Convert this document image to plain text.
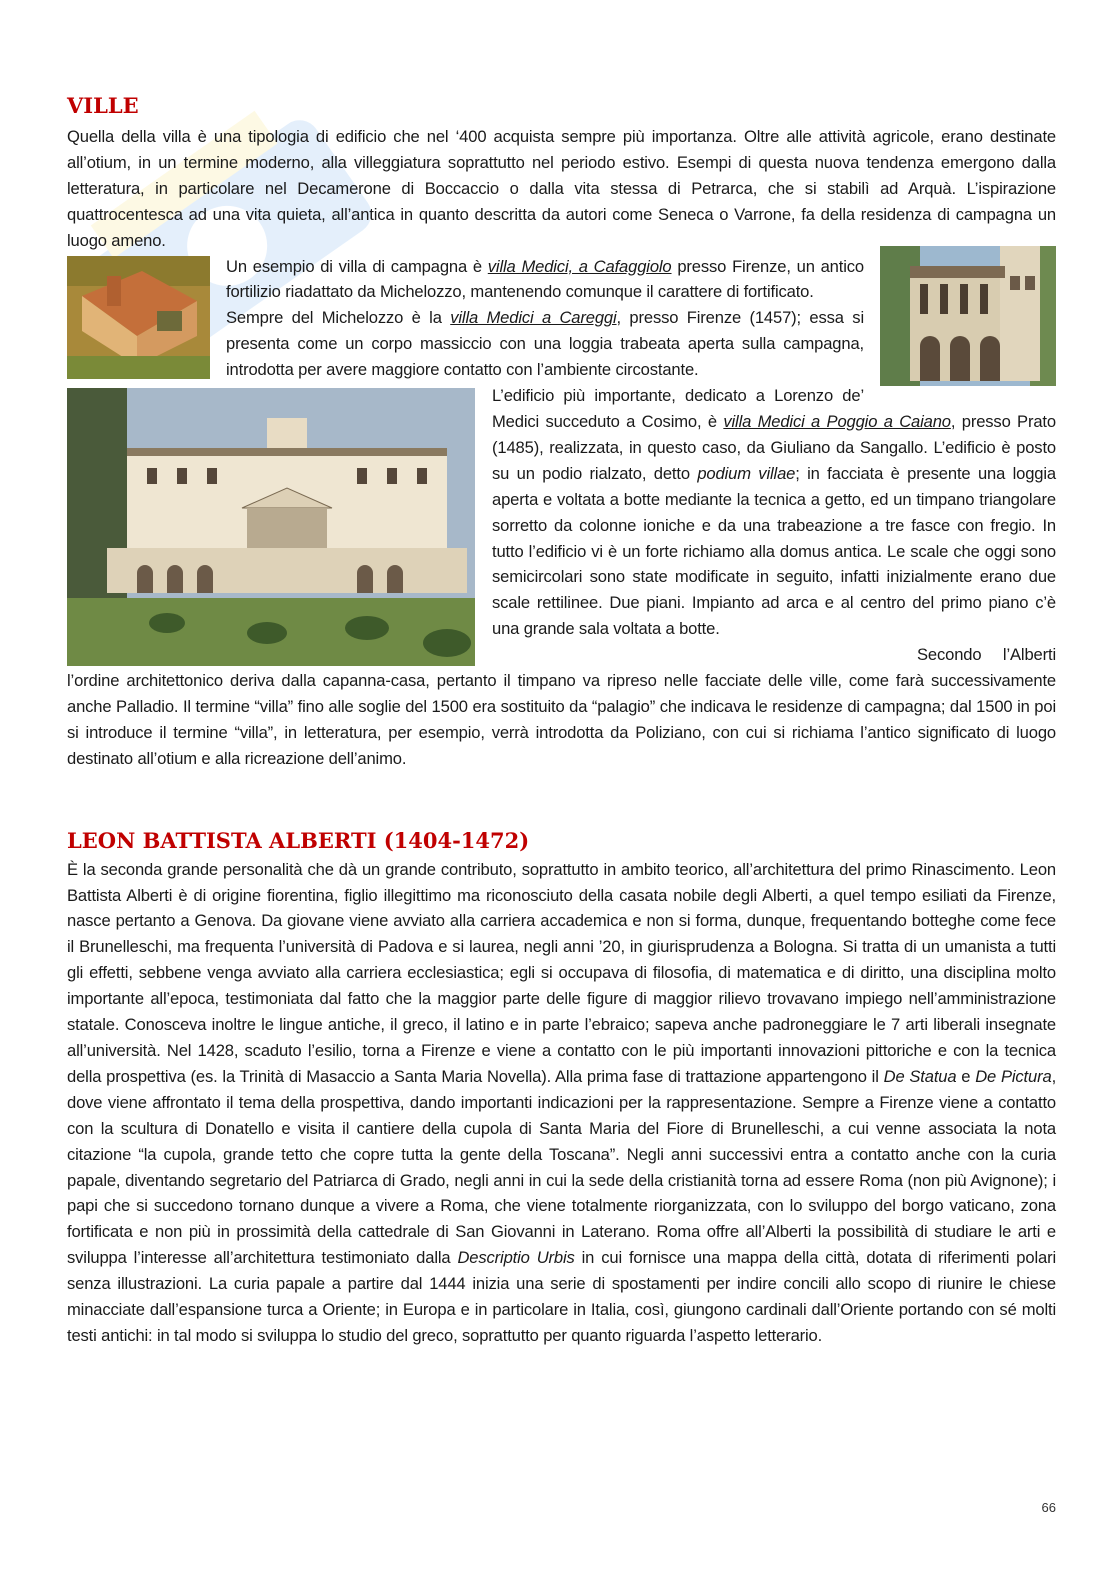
VILLE

Quella della villa è una tipologia di edificio che nel ‘400 acquista sempre più importanza. Oltre alle attività agricole, erano destinate all’otium, in un termine moderno, alla villeggiatura soprattutto nel periodo estivo. Esempi di questa nuova tendenza emergono dalla letteratura, in particolare nel Decamerone di Boccaccio o dalla vita stessa di Petrarca, che si stabilì ad Arquà. L’ispirazione quattrocentesca ad una vita quieta, all’antica in quanto descritta da autori come Seneca o Varrone, fa della residenza di campagna un luogo ameno.

Un esempio di villa di campagna è villa Medici, a Cafaggiolo presso Firenze, un antico fortilizio riadattato da Michelozzo, mantenendo comunque il carattere di fortificato.

Sempre del Michelozzo è la villa Medici a Careggi, presso Firenze (1457); essa si presenta come un corpo massiccio con una loggia trabeata aperta sulla campagna, introdotta per avere maggiore contatto con l’ambiente circostante.

L’edificio più importante, dedicato a Lorenzo de’ Medici succeduto a Cosimo, è villa Medici a Poggio a Caiano, presso Prato (1485), realizzata, in questo caso, da Giuliano da Sangallo. L’edificio è posto su un podio rialzato, detto podium villae; in facciata è presente una loggia aperta e voltata a botte mediante la tecnica a getto, ed un timpano triangolare sorretto da colonne ioniche e da una trabeazione a tre fasce con fregio. In tutto l’edificio vi è un forte richiamo alla domus antica. Le scale che oggi sono semicircolari sono state modificate in seguito, infatti inizialmente erano due scale rettilinee. Due piani. Impianto ad arca e al centro del primo piano c’è una grande sala voltata a botte.

Secondo l’Alberti l’ordine architettonico deriva dalla capanna-casa, pertanto il timpano va ripreso nelle facciate delle ville, come farà successivamente anche Palladio. Il termine “villa” fino alle soglie del 1500 era sostituito da “palagio” che indicava le residenze di campagna; dal 1500 in poi si introduce il termine “villa”, in letteratura, per esempio, verrà introdotta da Poliziano, con cui si richiama l’antico significato di luogo destinato all’otium e alla ricreazione dell’animo.

LEON BATTISTA ALBERTI (1404-1472)

È la seconda grande personalità che dà un grande contributo, soprattutto in ambito teorico, all’architettura del primo Rinascimento. Leon Battista Alberti è di origine fiorentina, figlio illegittimo ma riconosciuto della casata nobile degli Alberti, a quel tempo esiliati da Firenze, nasce pertanto a Genova. Da giovane viene avviato alla carriera accademica e non si forma, dunque, frequentando botteghe come fece il Brunelleschi, ma frequenta l’università di Padova e si laurea, negli anni ’20, in giurisprudenza a Bologna. Si tratta di un umanista a tutti gli effetti, sebbene venga avviato alla carriera ecclesiastica; egli si occupava di filosofia, di matematica e di diritto, una disciplina molto importante all’epoca, testimoniata dal fatto che la maggior parte delle figure di maggior rilievo trovavano impiego nell’amministrazione statale. Conosceva inoltre le lingue antiche, il greco, il latino e in parte l’ebraico; sapeva anche padroneggiare le 7 arti liberali insegnate all’università. Nel 1428, scaduto l’esilio, torna a Firenze e viene a contatto con le più importanti innovazioni pittoriche e con la tecnica della prospettiva (es. la Trinità di Masaccio a Santa Maria Novella). Alla prima fase di trattazione appartengono il De Statua e De Pictura, dove viene affrontato il tema della prospettiva, dando importanti indicazioni per la rappresentazione. Sempre a Firenze viene a contatto con la scultura di Donatello e visita il cantiere della cupola di Santa Maria del Fiore di Brunelleschi, a cui venne associata la nota citazione “la cupola, grande tetto che copre tutta la gente della Toscana”. Negli anni successivi entra a contatto anche con la curia papale, diventando segretario del Patriarca di Grado, negli anni in cui la sede della cristianità torna ad essere Roma (non più Avignone); i papi che si succedono tornano dunque a vivere a Roma, che viene totalmente riorganizzata, con lo sviluppo del borgo vaticano, zona fortificata e non più in prossimità della cattedrale di San Giovanni in Laterano. Roma offre all’Alberti la possibilità di studiare le arti e sviluppa l’interesse all’architettura testimoniato dalla Descriptio Urbis in cui fornisce una mappa della città, dotata di riferimenti polari senza illustrazioni. La curia papale a partire dal 1444 inizia una serie di spostamenti per indire concili allo scopo di riunire le chiese minacciate dall’espansione turca a Oriente; in Europa e in particolare in Italia, così, giungono cardinali dall’Oriente portando con sé molti testi antichi: in tal modo si sviluppa lo studio del greco, soprattutto per quanto riguarda l’aspetto letterario.

66
